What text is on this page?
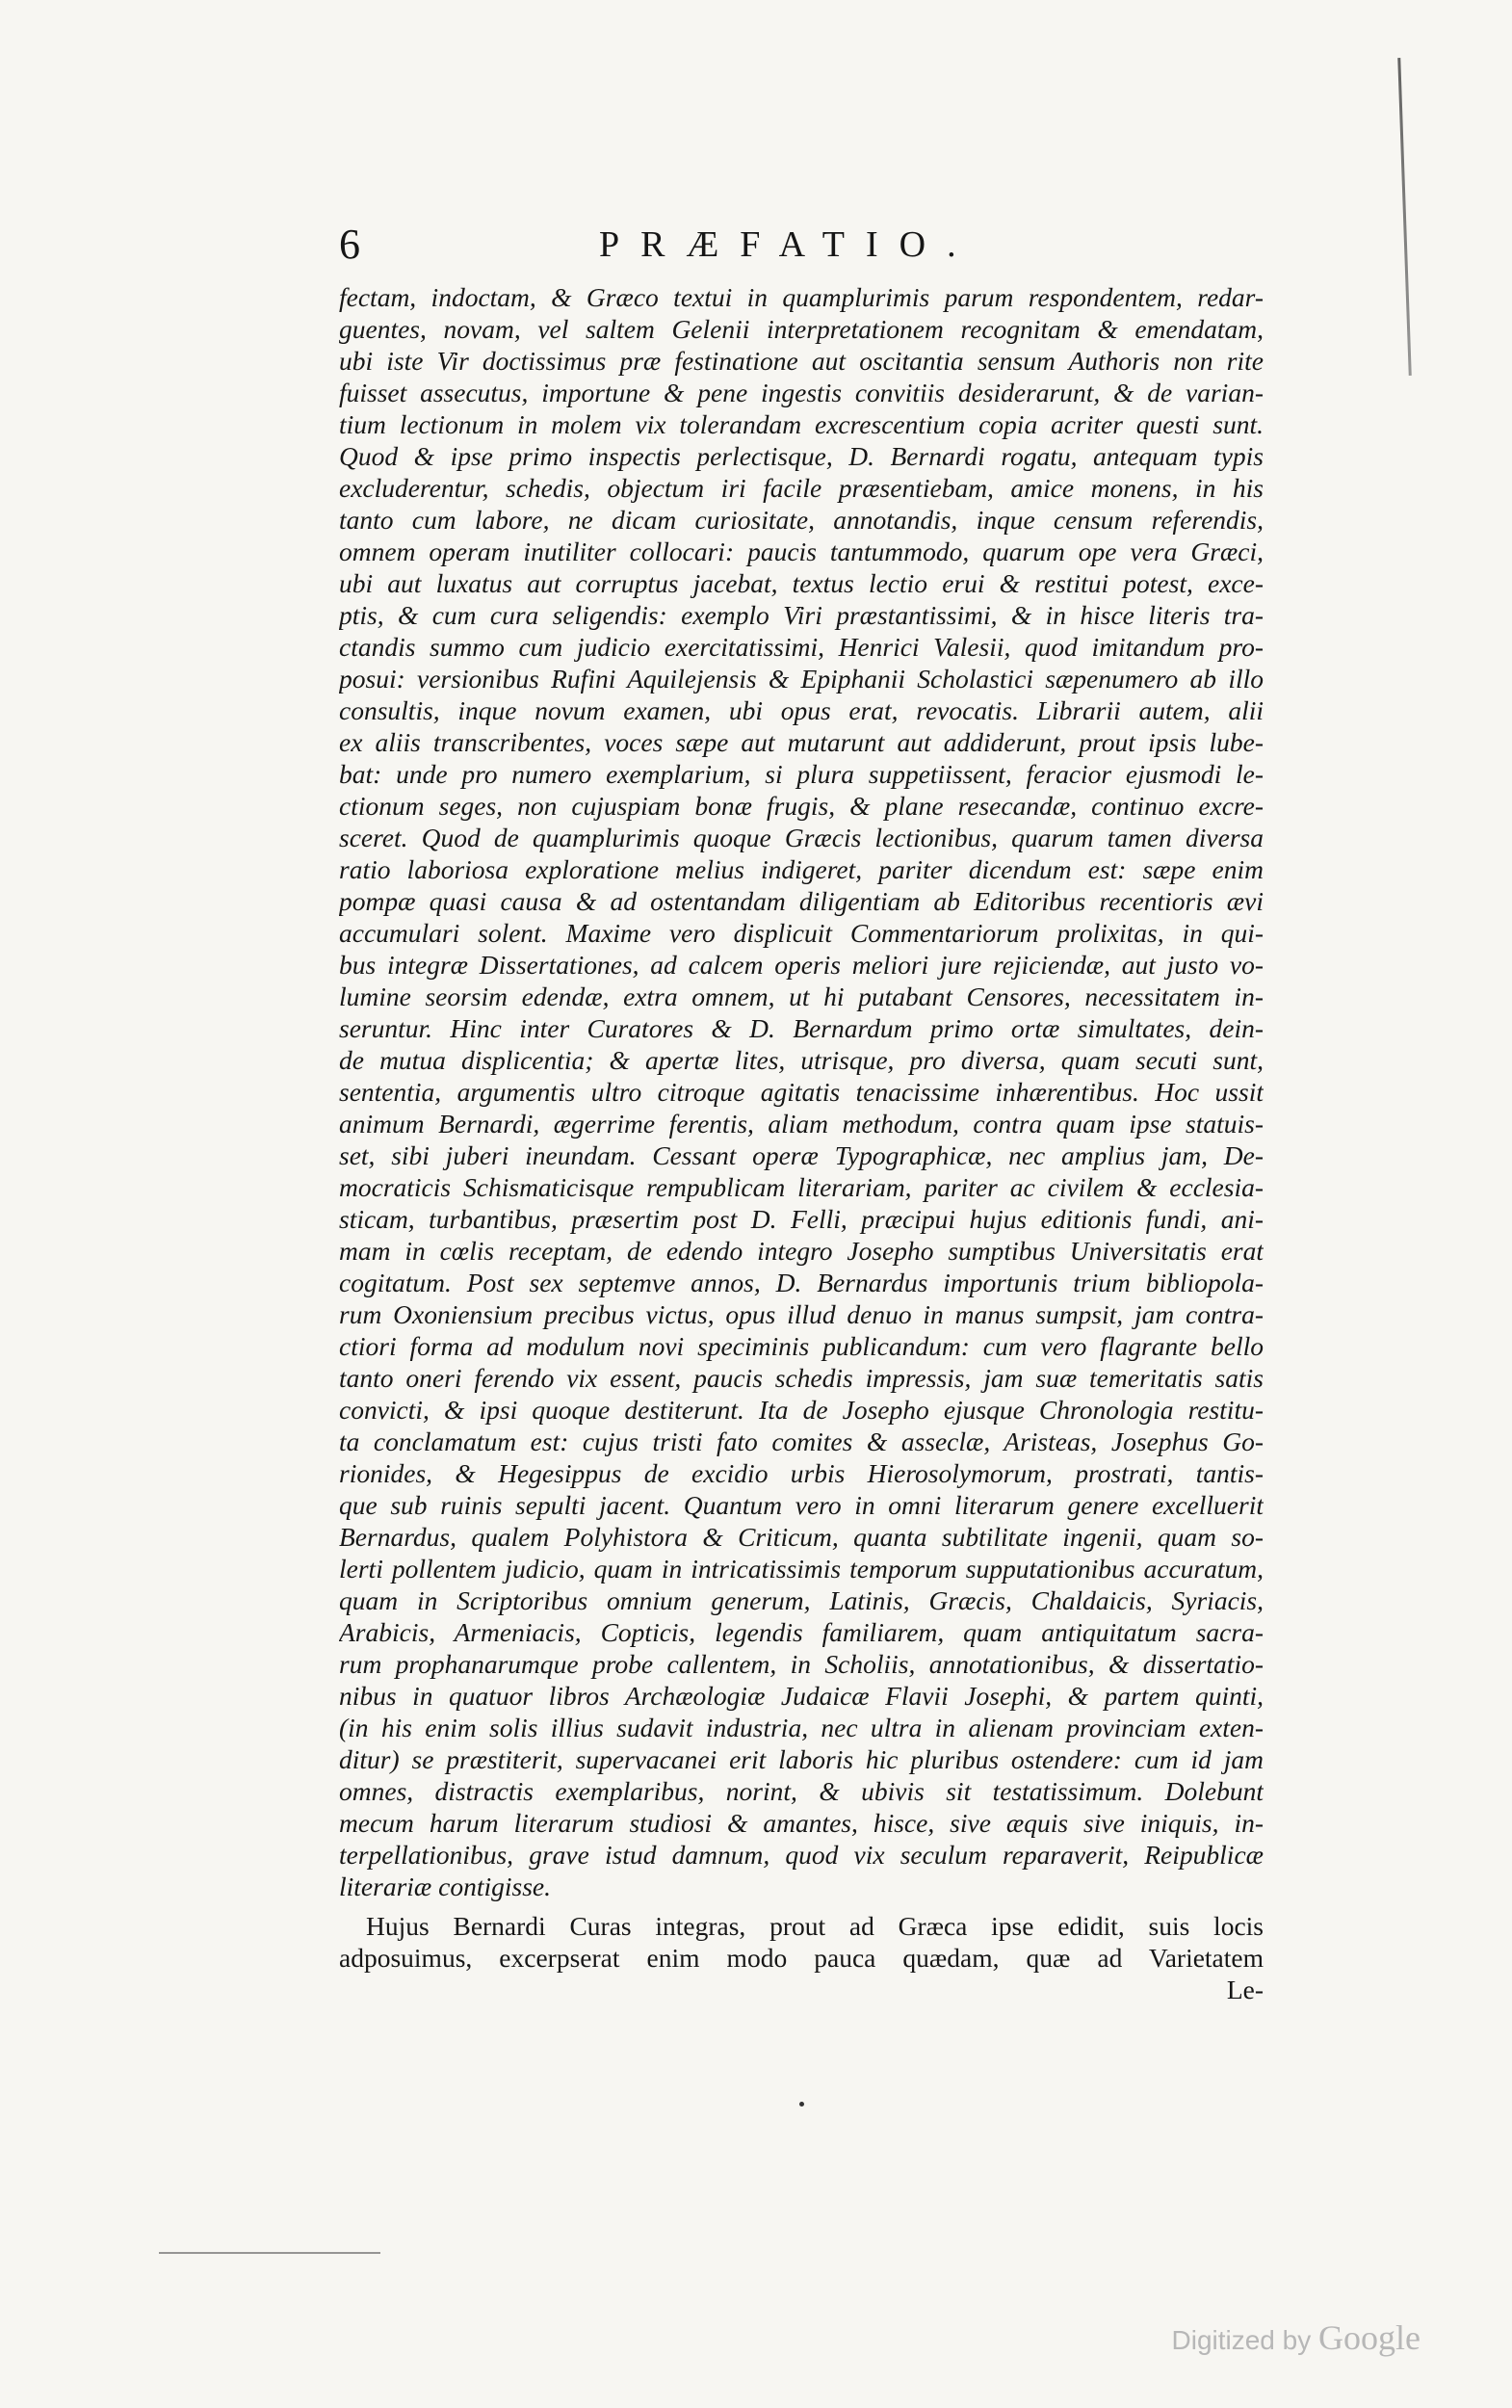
6	PRÆFATIO.
fectam, indoctam, & Græco textui in quamplurimis parum respondentem, redar-
guentes, novam, vel saltem Gelenii interpretationem recognitam & emendatam,
ubi iste Vir doctissimus præ festinatione aut oscitantia sensum Authoris non rite
fuisset assecutus, importune & pene ingestis convitiis desiderarunt, & de varian-
tium lectionum in molem vix tolerandam excrescentium copia acriter questi sunt.
Quod & ipse primo inspectis perlectisque, D. Bernardi rogatu, antequam typis
excluderentur, schedis, objectum iri facile præsentiebam, amice monens, in his
tanto cum labore, ne dicam curiositate, annotandis, inque censum referendis,
omnem operam inutiliter collocari: paucis tantummodo, quarum ope vera Græci,
ubi aut luxatus aut corruptus jacebat, textus lectio erui & restitui potest, exce-
ptis, & cum cura seligendis: exemplo Viri præstantissimi, & in hisce literis tra-
ctandis summo cum judicio exercitatissimi, Henrici Valesii, quod imitandum pro-
posui: versionibus Rufini Aquilejensis & Epiphanii Scholastici sæpenumero ab illo
consultis, inque novum examen, ubi opus erat, revocatis. Librarii autem, alii
ex aliis transcribentes, voces sæpe aut mutarunt aut addiderunt, prout ipsis lube-
bat: unde pro numero exemplarium, si plura suppetiissent, feracior ejusmodi le-
ctionum seges, non cujuspiam bonæ frugis, & plane resecandæ, continuo excre-
sceret. Quod de quamplurimis quoque Græcis lectionibus, quarum tamen diversa
ratio laboriosa exploratione melius indigeret, pariter dicendum est: sæpe enim
pompæ quasi causa & ad ostentandam diligentiam ab Editoribus recentioris ævi
accumulari solent. Maxime vero displicuit Commentariorum prolixitas, in qui-
bus integræ Dissertationes, ad calcem operis meliori jure rejiciendæ, aut justo vo-
lumine seorsim edendæ, extra omnem, ut hi putabant Censores, necessitatem in-
seruntur. Hinc inter Curatores & D. Bernardum primo ortæ simultates, dein-
de mutua displicentia; & apertæ lites, utrisque, pro diversa, quam secuti sunt,
sententia, argumentis ultro citroque agitatis tenacissime inhærentibus. Hoc ussit
animum Bernardi, ægerrime ferentis, aliam methodum, contra quam ipse statuis-
set, sibi juberi ineundam. Cessant operæ Typographicæ, nec amplius jam, De-
mocraticis Schismaticisque rempublicam literariam, pariter ac civilem & ecclesia-
sticam, turbantibus, præsertim post D. Felli, præcipui hujus editionis fundi, ani-
mam in cœlis receptam, de edendo integro Josepho sumptibus Universitatis erat
cogitatum. Post sex septemve annos, D. Bernardus importunis trium bibliopola-
rum Oxoniensium precibus victus, opus illud denuo in manus sumpsit, jam contra-
ctiori forma ad modulum novi speciminis publicandum: cum vero flagrante bello
tanto oneri ferendo vix essent, paucis schedis impressis, jam suæ temeritatis satis
convicti, & ipsi quoque destiterunt. Ita de Josepho ejusque Chronologia restitu-
ta conclamatum est: cujus tristi fato comites & asseclæ, Aristeas, Josephus Go-
rionides, & Hegesippus de excidio urbis Hierosolymorum, prostrati, tantis-
que sub ruinis sepulti jacent. Quantum vero in omni literarum genere excelluerit
Bernardus, qualem Polyhistora & Criticum, quanta subtilitate ingenii, quam so-
lerti pollentem judicio, quam in intricatissimis temporum supputationibus accuratum,
quam in Scriptoribus omnium generum, Latinis, Græcis, Chaldaicis, Syriacis,
Arabicis, Armeniacis, Copticis, legendis familiarem, quam antiquitatum sacra-
rum prophanarumque probe callentem, in Scholiis, annotationibus, & dissertatio-
nibus in quatuor libros Archæologiæ Judaicæ Flavii Josephi, & partem quinti,
(in his enim solis illius sudavit industria, nec ultra in alienam provinciam exten-
ditur) se præstiterit, supervacanei erit laboris hic pluribus ostendere: cum id jam
omnes, distractis exemplaribus, norint, & ubivis sit testatissimum. Dolebunt
mecum harum literarum studiosi & amantes, hisce, sive æquis sive iniquis, in-
terpellationibus, grave istud damnum, quod vix seculum reparaverit, Reipublicæ
literariæ contigisse.
Hujus Bernardi Curas integras, prout ad Græca ipse edidit, suis locis
adposuimus, excerpserat enim modo pauca quædam, quæ ad Varietatem
Le-
Digitized by Google
